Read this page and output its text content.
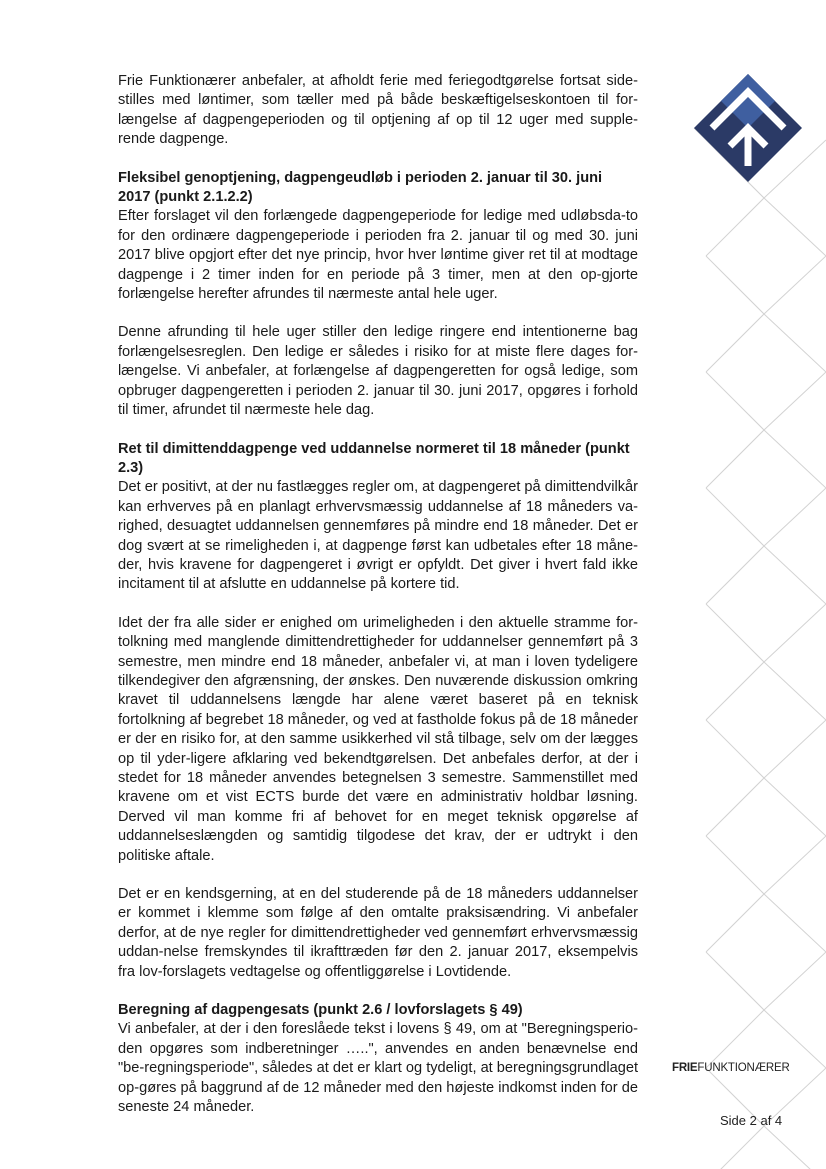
Frie Funktionærer anbefaler, at afholdt ferie med feriegodtgørelse fortsat side-stilles med løntimer, som tæller med på både beskæftigelseskontoen til for-længelse af dagpengeperioden og til optjening af op til 12 uger med supple-rende dagpenge.

Fleksibel genoptjening, dagpengeudløb i perioden 2. januar til 30. juni 2017 (punkt 2.1.2.2)

Efter forslaget vil den forlængede dagpengeperiode for ledige med udløbsda-to for den ordinære dagpengeperiode i perioden fra 2. januar til og med 30. juni 2017 blive opgjort efter det nye princip, hvor hver løntime giver ret til at modtage dagpenge i 2 timer inden for en periode på 3 timer, men at den op-gjorte forlængelse herefter afrundes til nærmeste antal hele uger.

Denne afrunding til hele uger stiller den ledige ringere end intentionerne bag forlængelsesreglen. Den ledige er således i risiko for at miste flere dages for-længelse. Vi anbefaler, at forlængelse af dagpengeretten for også ledige, som opbruger dagpengeretten i perioden 2. januar til 30. juni 2017, opgøres i forhold til timer, afrundet til nærmeste hele dag.

Ret til dimittenddagpenge ved uddannelse normeret til 18 måneder (punkt 2.3)

Det er positivt, at der nu fastlægges regler om, at dagpengeret på dimittendvilkår kan erhverves på en planlagt erhvervsmæssig uddannelse af 18 måneders va-righed, desuagtet uddannelsen gennemføres på mindre end 18 måneder. Det er dog svært at se rimeligheden i, at dagpenge først kan udbetales efter 18 måne-der, hvis kravene for dagpengeret i øvrigt er opfyldt. Det giver i hvert fald ikke incitament til at afslutte en uddannelse på kortere tid.

Idet der fra alle sider er enighed om urimeligheden i den aktuelle stramme for-tolkning med manglende dimittendrettigheder for uddannelser gennemført på 3 semestre, men mindre end 18 måneder, anbefaler vi, at man i loven tydeligere tilkendegiver den afgrænsning, der ønskes. Den nuværende diskussion omkring kravet til uddannelsens længde har alene været baseret på en teknisk fortolkning af begrebet 18 måneder, og ved at fastholde fokus på de 18 måneder er der en risiko for, at den samme usikkerhed vil stå tilbage, selv om der lægges op til yder-ligere afklaring ved bekendtgørelsen. Det anbefales derfor, at der i stedet for 18 måneder anvendes betegnelsen 3 semestre. Sammenstillet med kravene om et vist ECTS burde det være en administrativ holdbar løsning. Derved vil man komme fri af behovet for en meget teknisk opgørelse af uddannelseslængden og samtidig tilgodese det krav, der er udtrykt i den politiske aftale.

Det er en kendsgerning, at en del studerende på de 18 måneders uddannelser er kommet i klemme som følge af den omtalte praksisændring. Vi anbefaler derfor, at de nye regler for dimittendrettigheder ved gennemført erhvervsmæssig uddan-nelse fremskyndes til ikrafttræden før den 2. januar 2017, eksempelvis fra lov-forslagets vedtagelse og offentliggørelse i Lovtidende.

Beregning af dagpengesats (punkt 2.6 / lovforslagets § 49)

Vi anbefaler, at der i den foreslåede tekst i lovens § 49, om at "Beregningsperio-den opgøres som indberetninger …..", anvendes en anden benævnelse end "be-regningsperiode", således at det er klart og tydeligt, at beregningsgrundlaget op-gøres på baggrund af de 12 måneder med den højeste indkomst inden for de seneste 24 måneder.

FRIEFUNKTIONÆRER
Side 2 af 4
